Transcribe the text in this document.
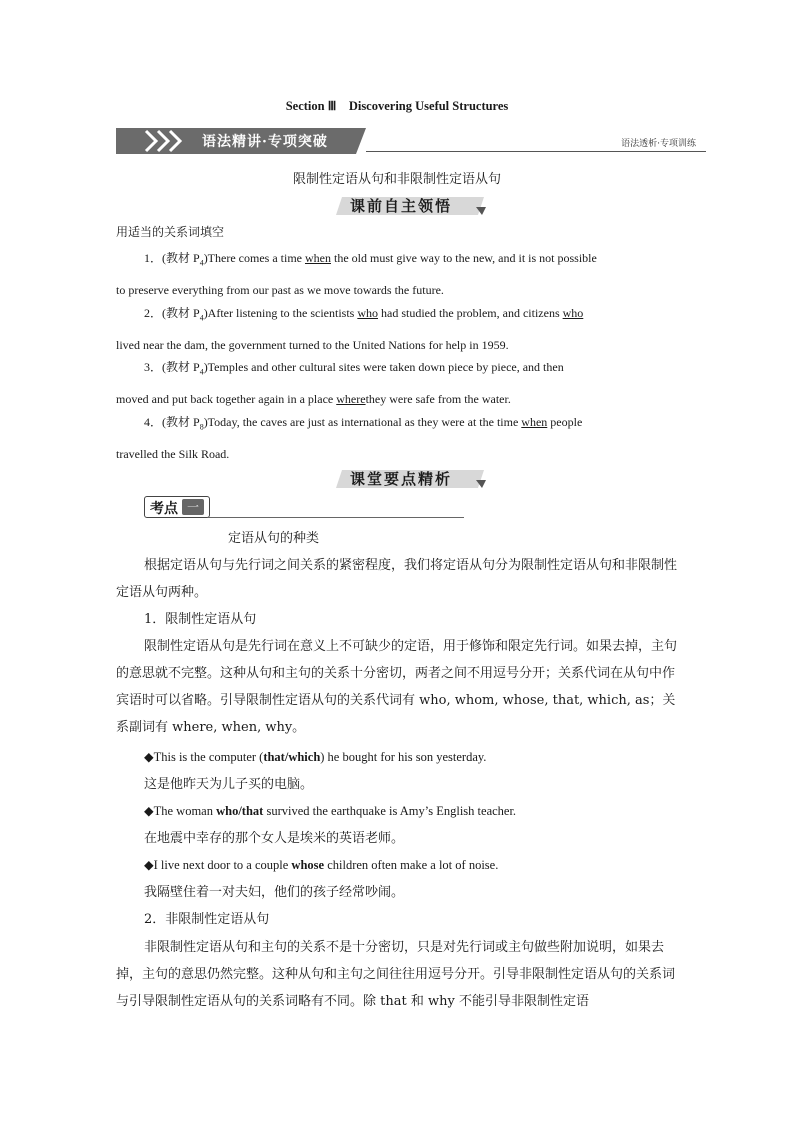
Section Ⅲ　Discovering Useful Structures
语法精讲·专项突破	语法透析·专项训练
限制性定语从句和非限制性定语从句
课前自主领悟
用适当的关系词填空

1．(教材 $P_4)There$ comes a time when the old must give way to the new, and it is not possible

to preserve everything from our past as we move towards the future.

2．(教材 $P_4)After$ listening to the scientists who had studied the problem, and citizens who

lived near the dam, the government turned to the United Nations for help in 1959.

3．(教材 $P_4)Temples$ and other cultural sites were taken down piece by piece, and then

moved and put back together again in a place wherethey were safe from the water.

4．(教材 $P_8)Today$, the caves are just as international as they were at the time when people

travelled the Silk Road.

课堂要点精析
考点 一
定语从句的种类
根据定语从句与先行词之间关系的紧密程度，我们将定语从句分为限制性定语从句和非限制性定语从句两种。
1．限制性定语从句
限制性定语从句是先行词在意义上不可缺少的定语，用于修饰和限定先行词。如果去掉，主句的意思就不完整。这种从句和主句的关系十分密切，两者之间不用逗号分开；关系代词在从句中作宾语时可以省略。引导限制性定语从句的关系代词有 who, whom, whose, that, which, as；关系副词有 where, when, why。
◆This is the computer (that/which) he bought for his son yesterday.
这是他昨天为儿子买的电脑。
◆The woman who/that survived the earthquake is Amy’s English teacher.
在地震中幸存的那个女人是埃米的英语老师。
◆I live next door to a couple whose children often make a lot of noise.
我隔壁住着一对夫妇，他们的孩子经常吵闹。
2．非限制性定语从句
非限制性定语从句和主句的关系不是十分密切，只是对先行词或主句做些附加说明，如果去掉，主句的意思仍然完整。这种从句和主句之间往往用逗号分开。引导非限制性定语从句的关系词与引导限制性定语从句的关系词略有不同。除 that 和 why 不能引导非限制性定语
